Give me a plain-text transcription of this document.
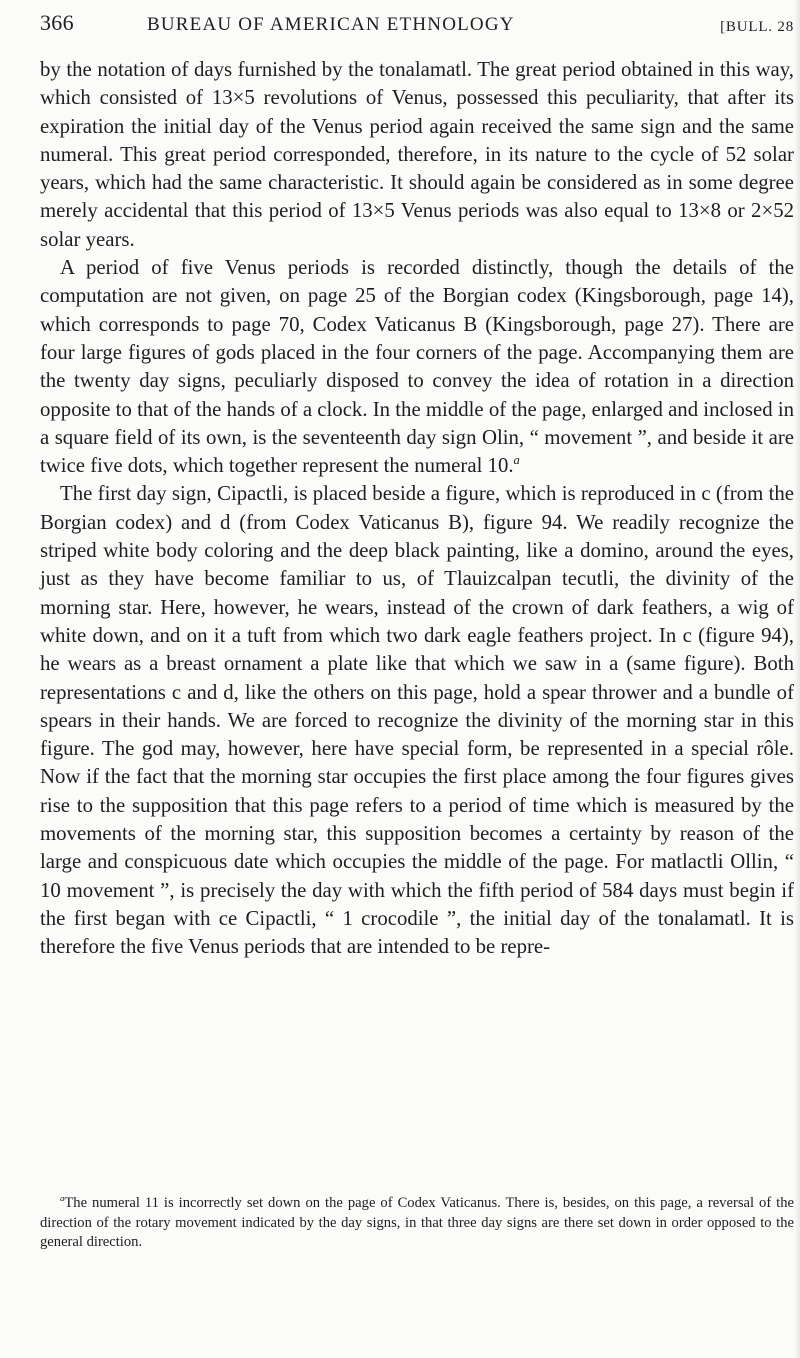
366	BUREAU OF AMERICAN ETHNOLOGY	[BULL. 28

by the notation of days furnished by the tonalamatl. The great period obtained in this way, which consisted of 13×5 revolutions of Venus, possessed this peculiarity, that after its expiration the initial day of the Venus period again received the same sign and the same numeral. This great period corresponded, therefore, in its nature to the cycle of 52 solar years, which had the same characteristic. It should again be considered as in some degree merely accidental that this period of 13×5 Venus periods was also equal to 13×8 or 2×52 solar years.

A period of five Venus periods is recorded distinctly, though the details of the computation are not given, on page 25 of the Borgian codex (Kingsborough, page 14), which corresponds to page 70, Codex Vaticanus B (Kingsborough, page 27). There are four large figures of gods placed in the four corners of the page. Accompanying them are the twenty day signs, peculiarly disposed to convey the idea of rotation in a direction opposite to that of the hands of a clock. In the middle of the page, enlarged and inclosed in a square field of its own, is the seventeenth day sign Olin, “ movement ”, and beside it are twice five dots, which together represent the numeral 10.$^a$

The first day sign, Cipactli, is placed beside a figure, which is reproduced in c (from the Borgian codex) and d (from Codex Vaticanus B), figure 94. We readily recognize the striped white body coloring and the deep black painting, like a domino, around the eyes, just as they have become familiar to us, of Tlauizcalpan tecutli, the divinity of the morning star. Here, however, he wears, instead of the crown of dark feathers, a wig of white down, and on it a tuft from which two dark eagle feathers project. In c (figure 94), he wears as a breast ornament a plate like that which we saw in a (same figure). Both representations c and d, like the others on this page, hold a spear thrower and a bundle of spears in their hands. We are forced to recognize the divinity of the morning star in this figure. The god may, however, here have special form, be represented in a special rôle. Now if the fact that the morning star occupies the first place among the four figures gives rise to the supposition that this page refers to a period of time which is measured by the movements of the morning star, this supposition becomes a certainty by reason of the large and conspicuous date which occupies the middle of the page. For matlactli Ollin, “ 10 movement ”, is precisely the day with which the fifth period of 584 days must begin if the first began with ce Cipactli, “ 1 crocodile ”, the initial day of the tonalamatl. It is therefore the five Venus periods that are intended to be repre-

$^a$The numeral 11 is incorrectly set down on the page of Codex Vaticanus. There is, besides, on this page, a reversal of the direction of the rotary movement indicated by the day signs, in that three day signs are there set down in order opposed to the general direction.
